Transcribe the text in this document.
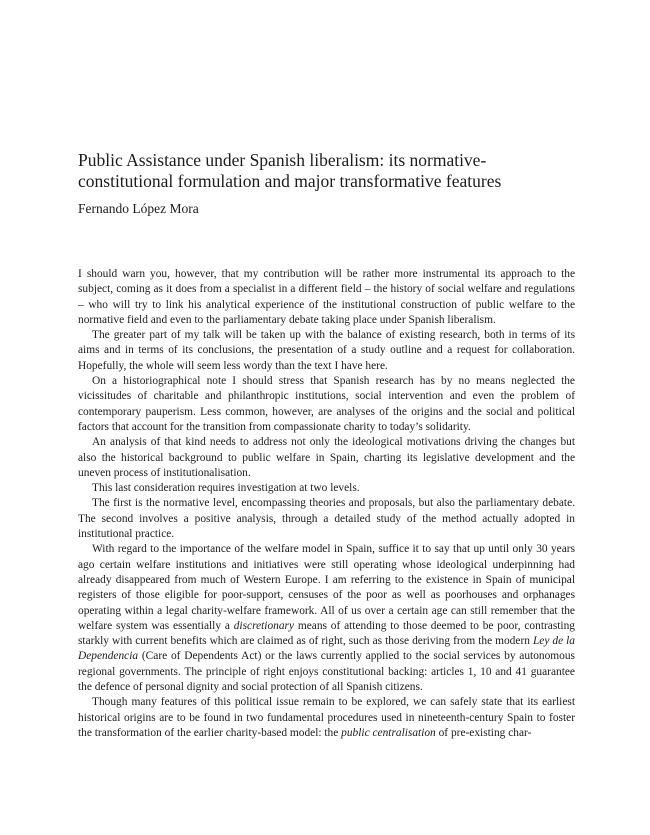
Public Assistance under Spanish liberalism: its normative-constitutional formulation and major transformative features

Fernando López Mora

I should warn you, however, that my contribution will be rather more instrumental its approach to the subject, coming as it does from a specialist in a different field – the history of social welfare and regulations – who will try to link his analytical experience of the institutional construction of public welfare to the normative field and even to the parliamentary debate taking place under Spanish liberalism.

The greater part of my talk will be taken up with the balance of existing research, both in terms of its aims and in terms of its conclusions, the presentation of a study outline and a request for collaboration. Hopefully, the whole will seem less wordy than the text I have here.

On a historiographical note I should stress that Spanish research has by no means neglected the vicissitudes of charitable and philanthropic institutions, social intervention and even the problem of contemporary pauperism. Less common, however, are analyses of the origins and the social and political factors that account for the transition from compassionate charity to today’s solidarity.

An analysis of that kind needs to address not only the ideological motivations driving the changes but also the historical background to public welfare in Spain, charting its legislative development and the uneven process of institutionalisation.

This last consideration requires investigation at two levels.

The first is the normative level, encompassing theories and proposals, but also the parliamentary debate. The second involves a positive analysis, through a detailed study of the method actually adopted in institutional practice.

With regard to the importance of the welfare model in Spain, suffice it to say that up until only 30 years ago certain welfare institutions and initiatives were still operating whose ideological underpinning had already disappeared from much of Western Europe. I am referring to the existence in Spain of municipal registers of those eligible for poor-support, censuses of the poor as well as poorhouses and orphanages operating within a legal charity-welfare framework. All of us over a certain age can still remember that the welfare system was essentially a discretionary means of attending to those deemed to be poor, contrasting starkly with current benefits which are claimed as of right, such as those deriving from the modern Ley de la Dependencia (Care of Dependents Act) or the laws currently applied to the social services by autonomous regional governments. The principle of right enjoys constitutional backing: articles 1, 10 and 41 guarantee the defence of personal dignity and social protection of all Spanish citizens.

Though many features of this political issue remain to be explored, we can safely state that its earliest historical origins are to be found in two fundamental procedures used in nineteenth-century Spain to foster the transformation of the earlier charity-based model: the public centralisation of pre-existing char-
